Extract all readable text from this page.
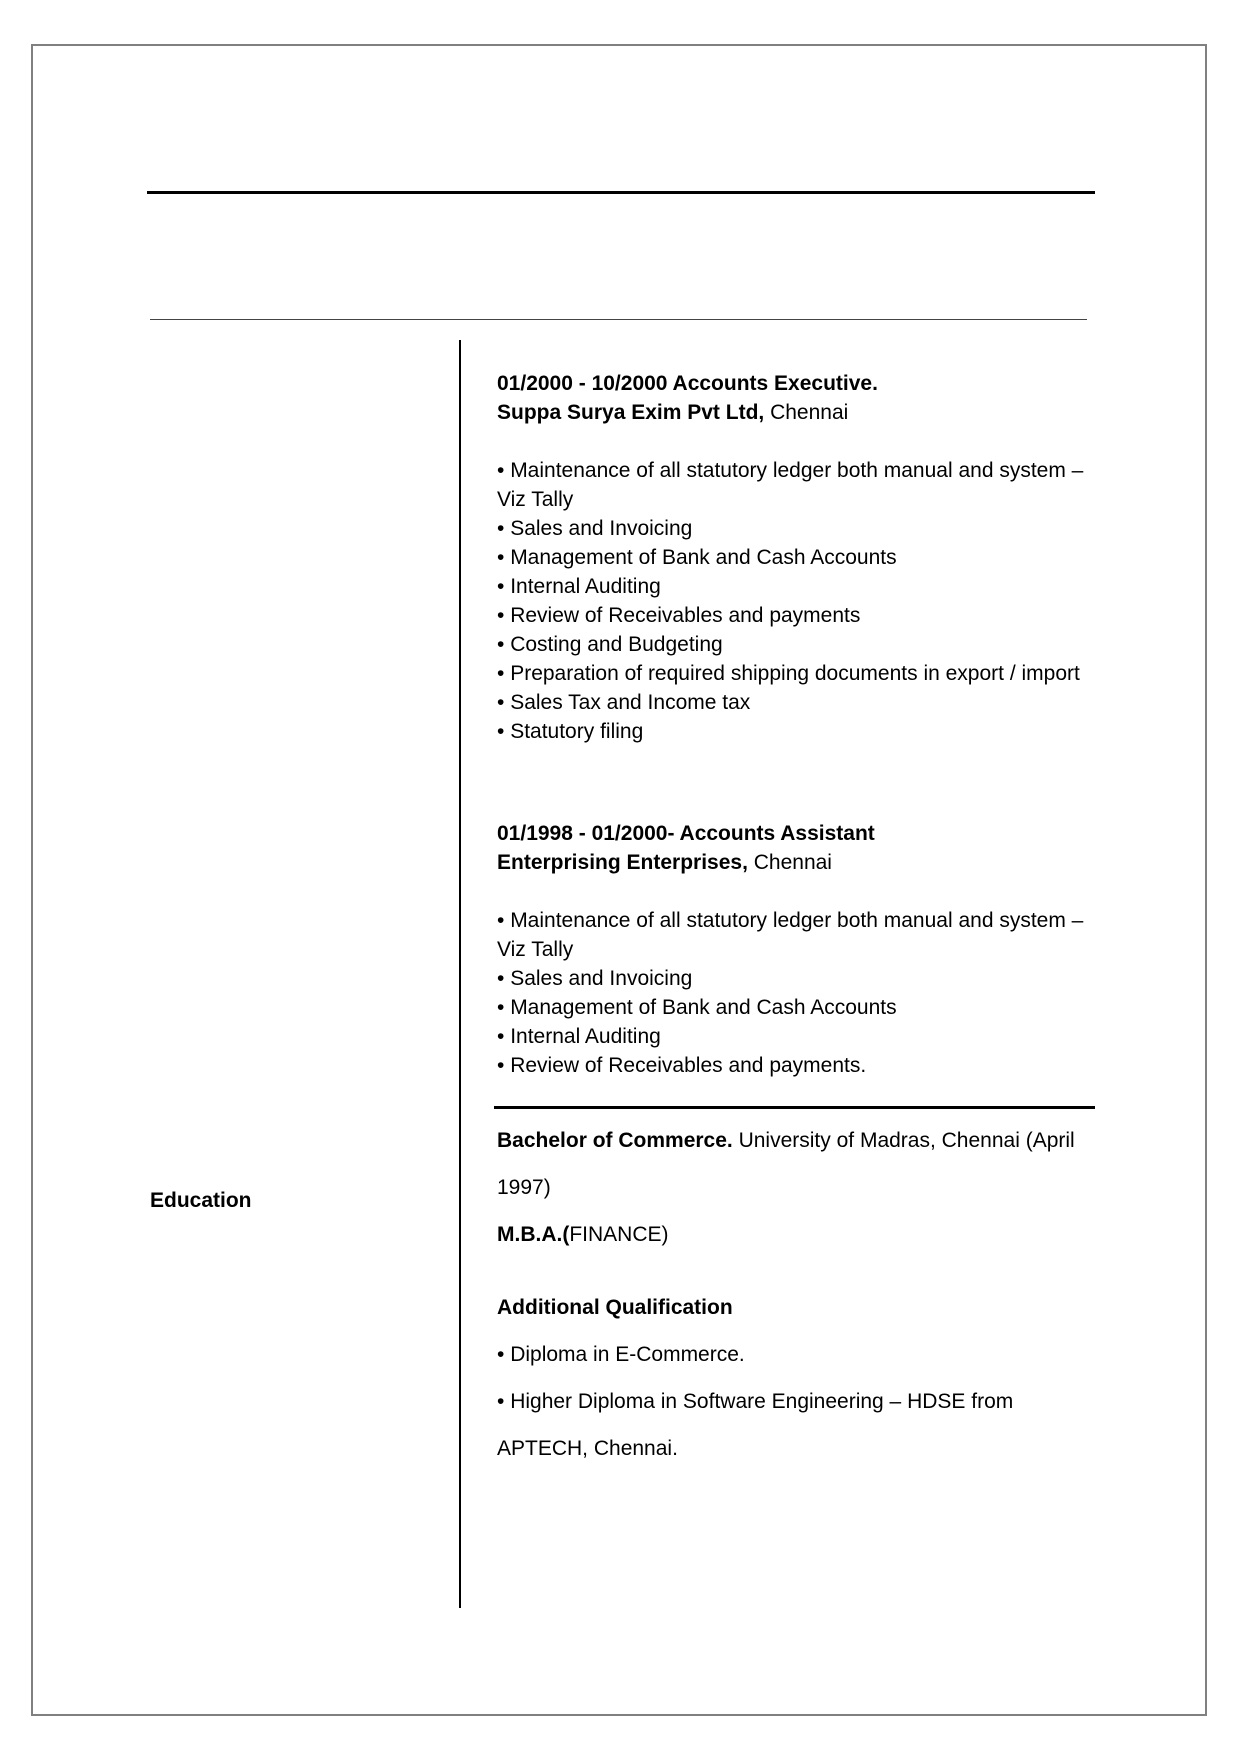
01/2000 - 10/2000 Accounts Executive.
Suppa Surya Exim Pvt Ltd, Chennai
• Maintenance of all statutory ledger both manual and system – Viz Tally
• Sales and Invoicing
• Management of Bank and Cash Accounts
• Internal Auditing
• Review of Receivables and payments
• Costing and Budgeting
• Preparation of required shipping documents in export / import
• Sales Tax and Income tax
• Statutory filing
01/1998 - 01/2000- Accounts Assistant
Enterprising Enterprises, Chennai
• Maintenance of all statutory ledger both manual and system – Viz Tally
• Sales and Invoicing
• Management of Bank and Cash Accounts
• Internal Auditing
• Review of Receivables and payments.
Education
Bachelor of Commerce. University of Madras, Chennai (April 1997)
M.B.A.(FINANCE)
Additional Qualification
• Diploma in E-Commerce.
• Higher Diploma in Software Engineering – HDSE from APTECH, Chennai.
